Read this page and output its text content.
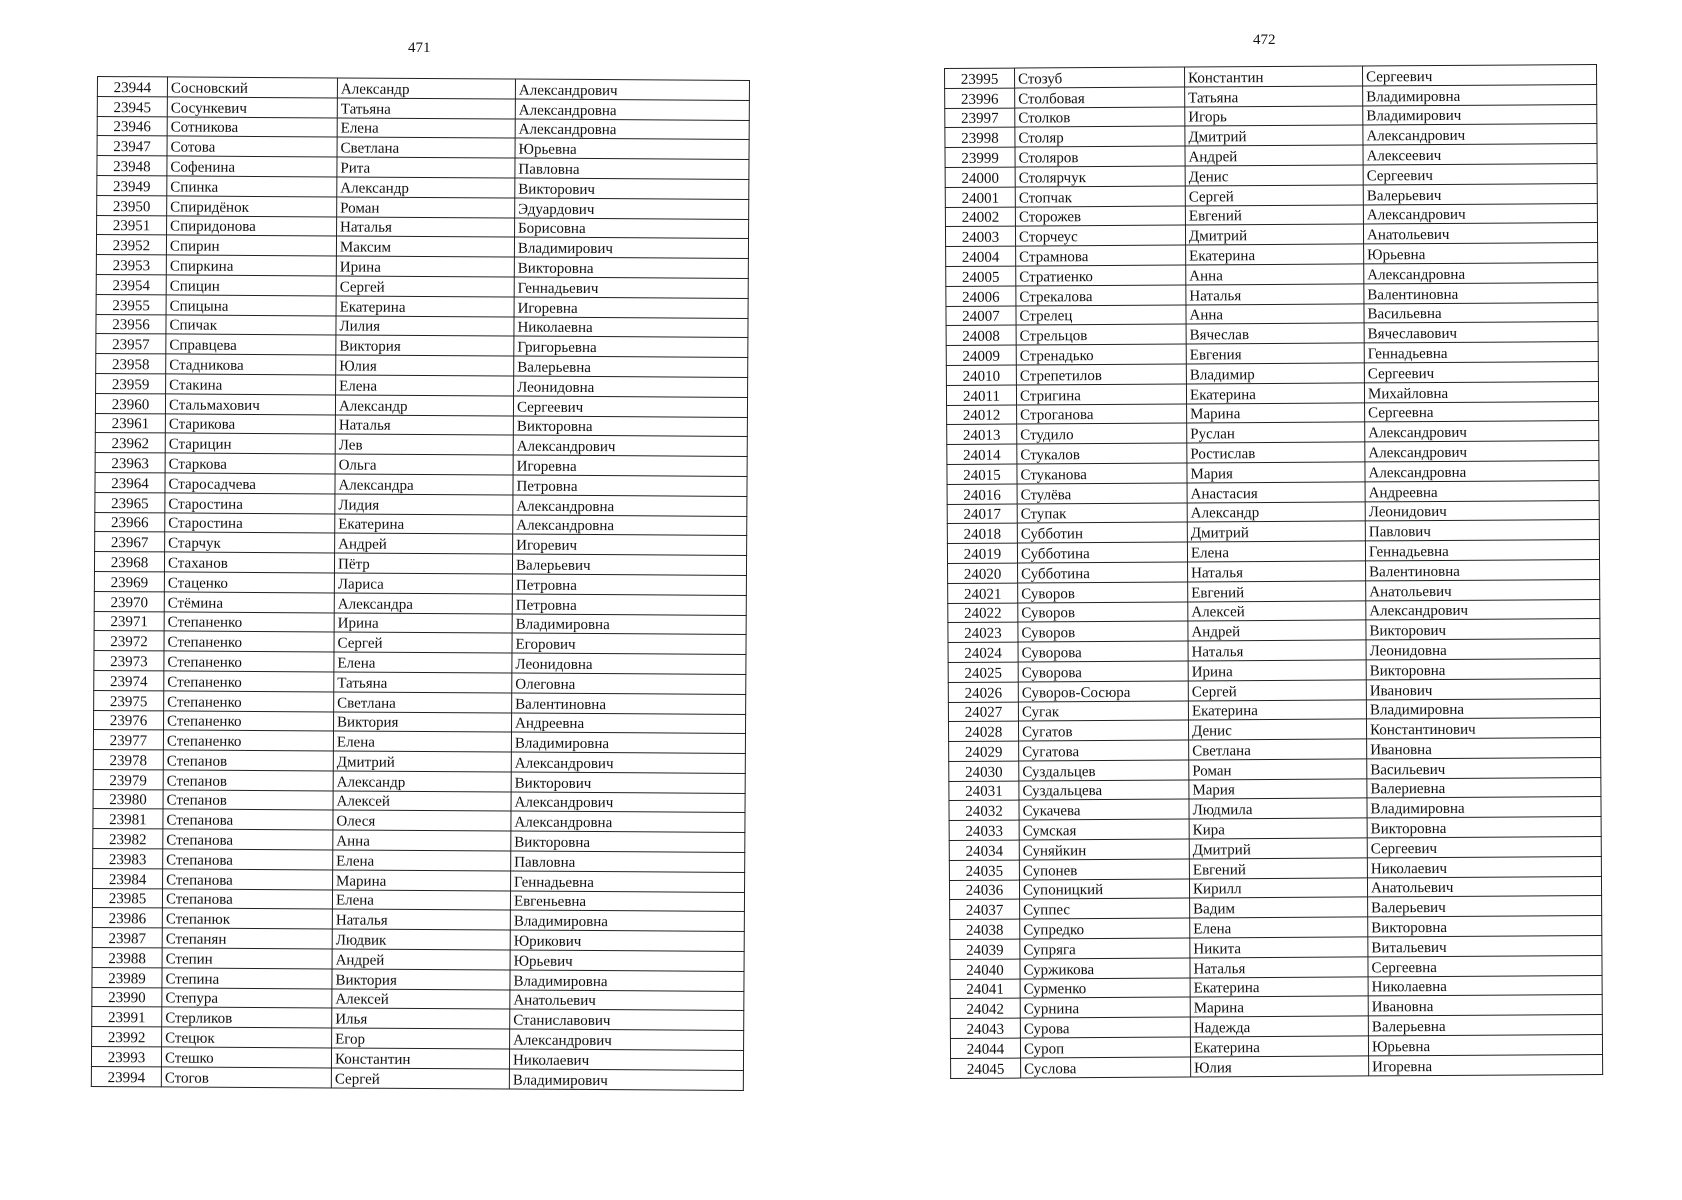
471	472
23944	Сосновский	Александр	Александрович
23945	Сосункевич	Татьяна	Александровна
23946	Сотникова	Елена	Александровна
23947	Сотова	Светлана	Юрьевна
23948	Софенина	Рита	Павловна
23949	Спинка	Александр	Викторович
23950	Спиридёнок	Роман	Эдуардович
23951	Спиридонова	Наталья	Борисовна
23952	Спирин	Максим	Владимирович
23953	Спиркина	Ирина	Викторовна
23954	Спицин	Сергей	Геннадьевич
23955	Спицына	Екатерина	Игоревна
23956	Спичак	Лилия	Николаевна
23957	Справцева	Виктория	Григорьевна
23958	Стадникова	Юлия	Валерьевна
23959	Стакина	Елена	Леонидовна
23960	Стальмахович	Александр	Сергеевич
23961	Старикова	Наталья	Викторовна
23962	Старицин	Лев	Александрович
23963	Старкова	Ольга	Игоревна
23964	Старосадчева	Александра	Петровна
23965	Старостина	Лидия	Александровна
23966	Старостина	Екатерина	Александровна
23967	Старчук	Андрей	Игоревич
23968	Стаханов	Пётр	Валерьевич
23969	Стаценко	Лариса	Петровна
23970	Стёмина	Александра	Петровна
23971	Степаненко	Ирина	Владимировна
23972	Степаненко	Сергей	Егорович
23973	Степаненко	Елена	Леонидовна
23974	Степаненко	Татьяна	Олеговна
23975	Степаненко	Светлана	Валентиновна
23976	Степаненко	Виктория	Андреевна
23977	Степаненко	Елена	Владимировна
23978	Степанов	Дмитрий	Александрович
23979	Степанов	Александр	Викторович
23980	Степанов	Алексей	Александрович
23981	Степанова	Олеся	Александровна
23982	Степанова	Анна	Викторовна
23983	Степанова	Елена	Павловна
23984	Степанова	Марина	Геннадьевна
23985	Степанова	Елена	Евгеньевна
23986	Степанюк	Наталья	Владимировна
23987	Степанян	Людвик	Юрикович
23988	Степин	Андрей	Юрьевич
23989	Степина	Виктория	Владимировна
23990	Степура	Алексей	Анатольевич
23991	Стерликов	Илья	Станиславович
23992	Стецюк	Егор	Александрович
23993	Стешко	Константин	Николаевич
23994	Стогов	Сергей	Владимирович
23995	Стозуб	Константин	Сергеевич
23996	Столбовая	Татьяна	Владимировна
23997	Столков	Игорь	Владимирович
23998	Столяр	Дмитрий	Александрович
23999	Столяров	Андрей	Алексеевич
24000	Столярчук	Денис	Сергеевич
24001	Стопчак	Сергей	Валерьевич
24002	Сторожев	Евгений	Александрович
24003	Сторчеус	Дмитрий	Анатольевич
24004	Страмнова	Екатерина	Юрьевна
24005	Стратиенко	Анна	Александровна
24006	Стрекалова	Наталья	Валентиновна
24007	Стрелец	Анна	Васильевна
24008	Стрельцов	Вячеслав	Вячеславович
24009	Стренадько	Евгения	Геннадьевна
24010	Стрепетилов	Владимир	Сергеевич
24011	Стригина	Екатерина	Михайловна
24012	Строганова	Марина	Сергеевна
24013	Студило	Руслан	Александрович
24014	Стукалов	Ростислав	Александрович
24015	Стуканова	Мария	Александровна
24016	Стулёва	Анастасия	Андреевна
24017	Ступак	Александр	Леонидович
24018	Субботин	Дмитрий	Павлович
24019	Субботина	Елена	Геннадьевна
24020	Субботина	Наталья	Валентиновна
24021	Суворов	Евгений	Анатольевич
24022	Суворов	Алексей	Александрович
24023	Суворов	Андрей	Викторович
24024	Суворова	Наталья	Леонидовна
24025	Суворова	Ирина	Викторовна
24026	Суворов-Сосюра	Сергей	Иванович
24027	Сугак	Екатерина	Владимировна
24028	Сугатов	Денис	Константинович
24029	Сугатова	Светлана	Ивановна
24030	Суздальцев	Роман	Васильевич
24031	Суздальцева	Мария	Валериевна
24032	Сукачева	Людмила	Владимировна
24033	Сумская	Кира	Викторовна
24034	Суняйкин	Дмитрий	Сергеевич
24035	Супонев	Евгений	Николаевич
24036	Супоницкий	Кирилл	Анатольевич
24037	Суппес	Вадим	Валерьевич
24038	Супредко	Елена	Викторовна
24039	Супряга	Никита	Витальевич
24040	Суржикова	Наталья	Сергеевна
24041	Сурменко	Екатерина	Николаевна
24042	Сурнина	Марина	Ивановна
24043	Сурова	Надежда	Валерьевна
24044	Суроп	Екатерина	Юрьевна
24045	Суслова	Юлия	Игоревна
